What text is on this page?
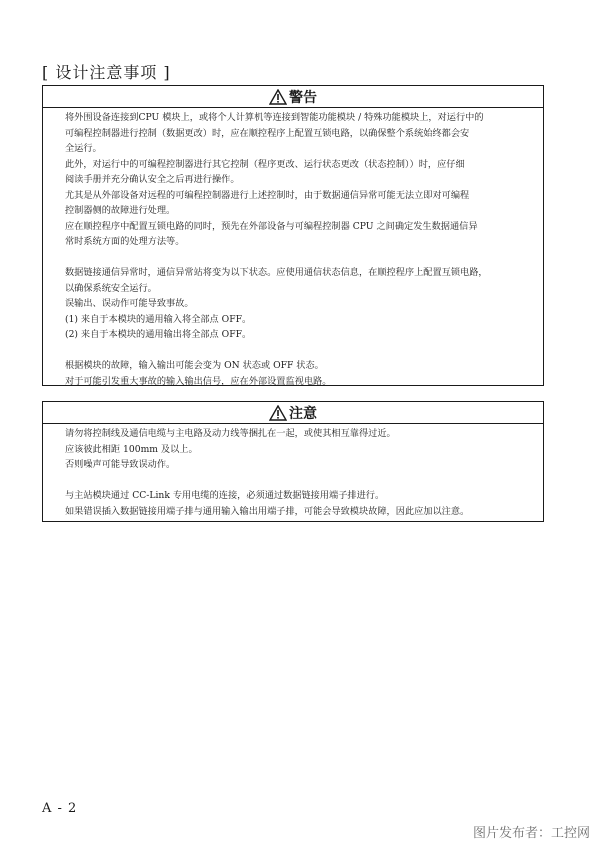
[ 设计注意事项 ]
警告
将外围设备连接到CPU 模块上，或将个人计算机等连接到智能功能模块 / 特殊功能模块上，对运行中的
可编程控制器进行控制（数据更改）时，应在顺控程序上配置互锁电路，以确保整个系统始终都会安
全运行。
此外，对运行中的可编程控制器进行其它控制（程序更改、运行状态更改（状态控制））时，应仔细
阅读手册并充分确认安全之后再进行操作。
尤其是从外部设备对远程的可编程控制器进行上述控制时，由于数据通信异常可能无法立即对可编程
控制器侧的故障进行处理。
应在顺控程序中配置互锁电路的同时，预先在外部设备与可编程控制器 CPU 之间确定发生数据通信异
常时系统方面的处理方法等。
数据链接通信异常时，通信异常站将变为以下状态。应使用通信状态信息，在顺控程序上配置互锁电路，
以确保系统安全运行。
误输出、误动作可能导致事故。
(1) 来自于本模块的通用输入将全部点 OFF。
(2) 来自于本模块的通用输出将全部点 OFF。
根据模块的故障，输入输出可能会变为 ON 状态或 OFF 状态。
对于可能引发重大事故的输入输出信号，应在外部设置监视电路。
注意
请勿将控制线及通信电缆与主电路及动力线等捆扎在一起，或使其相互靠得过近。
应该彼此相距 100mm 及以上。
否则噪声可能导致误动作。
与主站模块通过 CC-Link 专用电缆的连接，必须通过数据链接用端子排进行。
如果错误插入数据链接用端子排与通用输入输出用端子排，可能会导致模块故障，因此应加以注意。
A - 2
图片发布者：工控网
